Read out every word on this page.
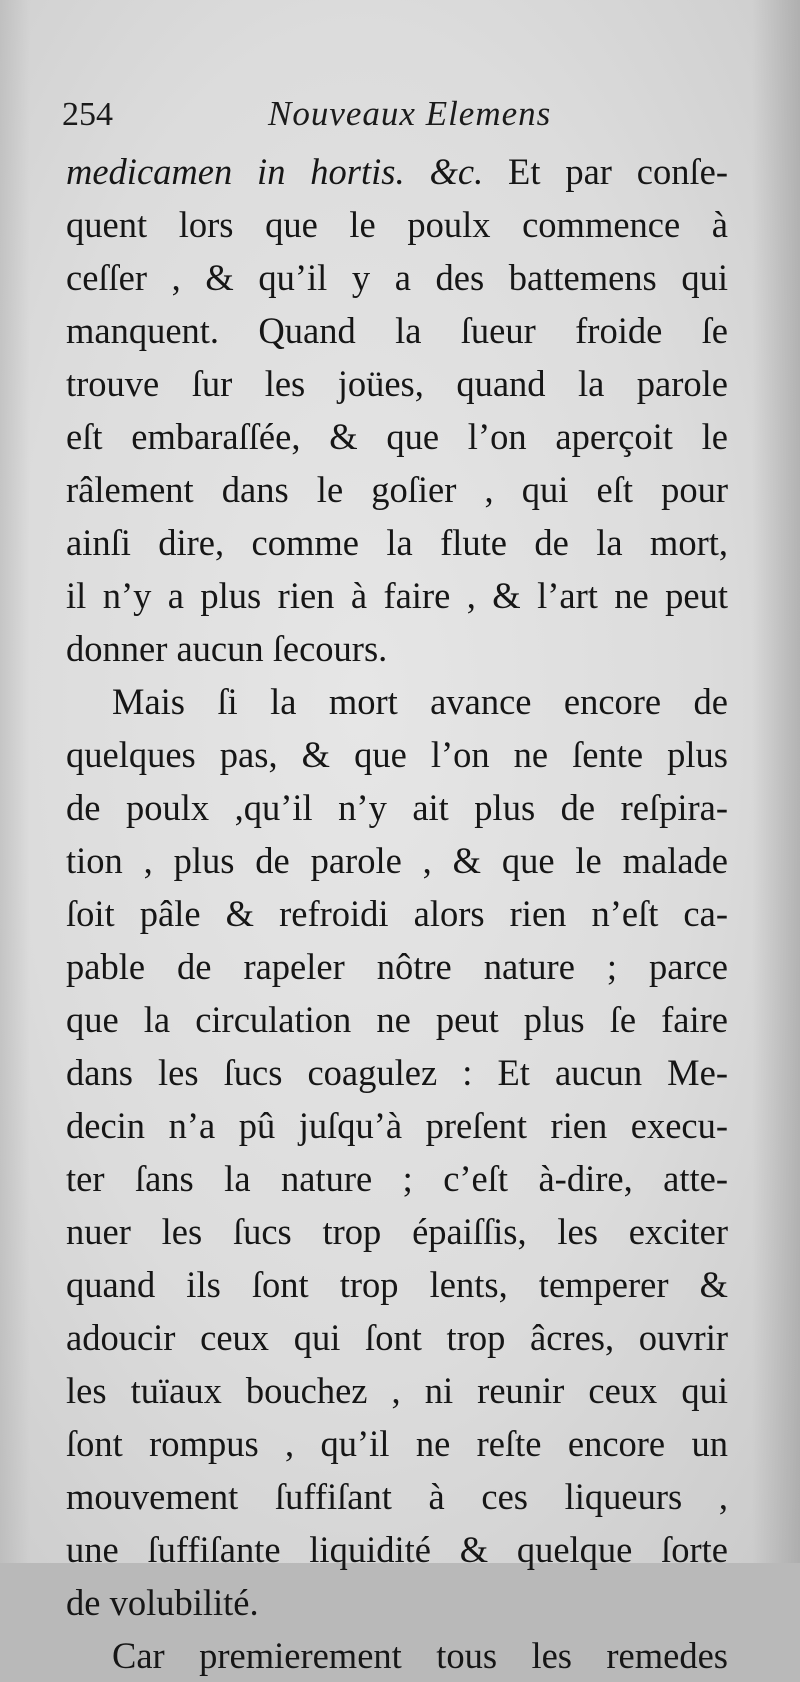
254	Nouveaux Elemens
medicamen in hortis. &c. Et par conſe-
quent lors que le poulx commence à
ceſſer , & qu’il y a des battemens qui
manquent. Quand la ſueur froide ſe
trouve ſur les joües, quand la parole
eſt embaraſſée, & que l’on aperçoit le
râlement dans le goſier , qui eſt pour
ainſi dire, comme la flute de la mort,
il n’y a plus rien à faire , & l’art ne peut
donner aucun ſecours.
Mais ſi la mort avance encore de
quelques pas, & que l’on ne ſente plus
de poulx ,qu’il n’y ait plus de reſpira-
tion , plus de parole , & que le malade
ſoit pâle & refroidi alors rien n’eſt ca-
pable de rapeler nôtre nature ; parce
que la circulation ne peut plus ſe faire
dans les ſucs coagulez : Et aucun Me-
decin n’a pû juſqu’à preſent rien execu-
ter ſans la nature ; c’eſt à-dire, atte-
nuer les ſucs trop épaiſſis, les exciter
quand ils ſont trop lents, temperer &
adoucir ceux qui ſont trop âcres, ouvrir
les tuïaux bouchez , ni reunir ceux qui
ſont rompus , qu’il ne reſte encore un
mouvement ſuffiſant à ces liqueurs ,
une ſuffiſante liquidité & quelque ſorte
de volubilité.
Car premierement tous les remedes
